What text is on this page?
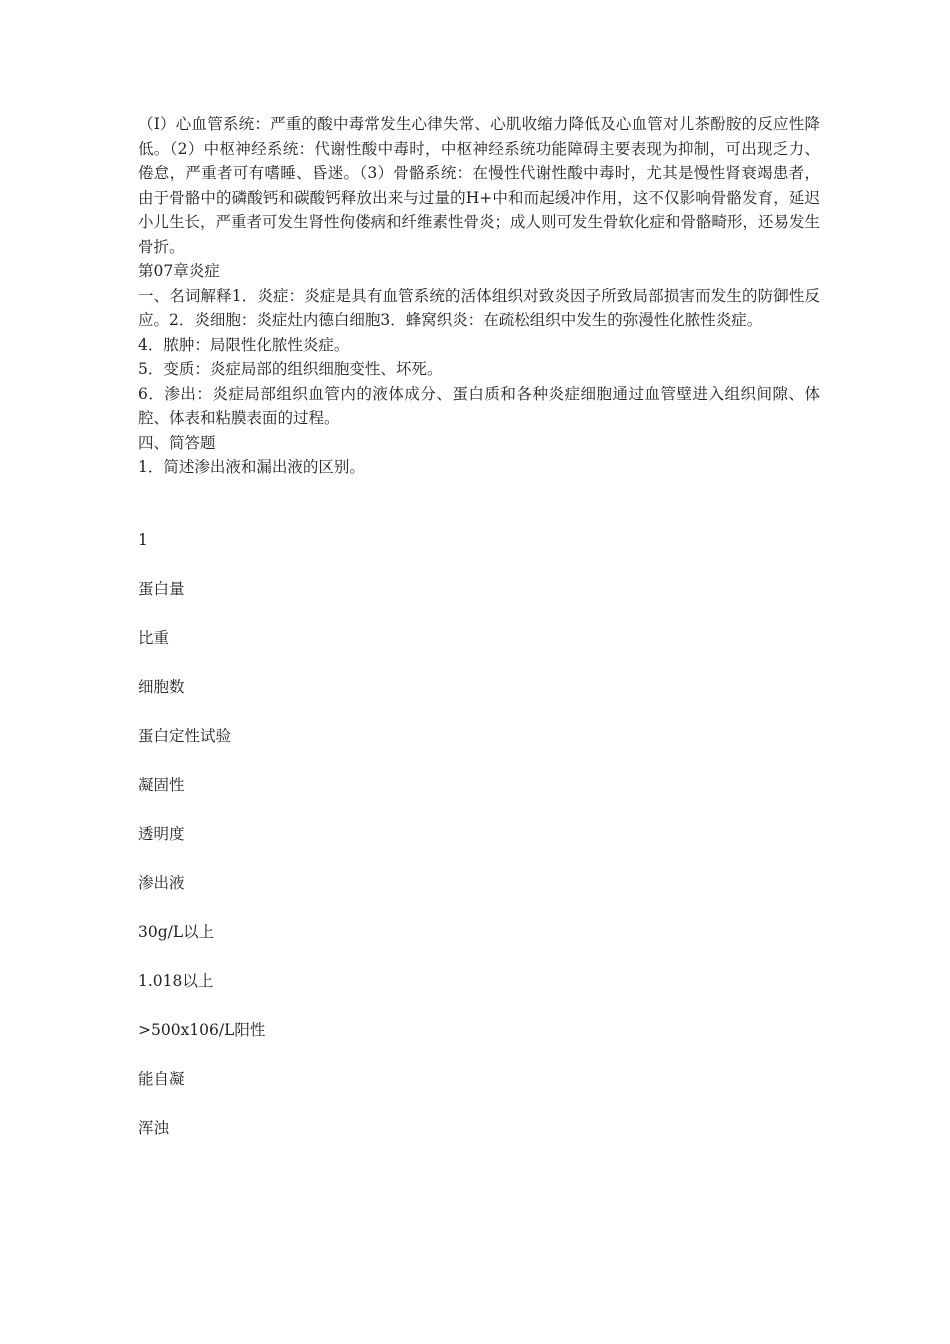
（I）心血管系统：严重的酸中毒常发生心律失常、心肌收缩力降低及心血管对儿茶酚胺的反应性降低。（2）中枢神经系统：代谢性酸中毒时，中枢神经系统功能障碍主要表现为抑制，可出现乏力、倦怠，严重者可有嗜睡、昏迷。（3）骨骼系统：在慢性代谢性酸中毒时，尤其是慢性肾衰竭患者，由于骨骼中的磷酸钙和碳酸钙释放出来与过量的H+中和而起缓冲作用，这不仅影响骨骼发育，延迟小儿生长，严重者可发生肾性佝偻病和纤维素性骨炎；成人则可发生骨软化症和骨骼畸形，还易发生骨折。

第07章炎症

一、名词解释1．炎症：炎症是具有血管系统的活体组织对致炎因子所致局部损害而发生的防御性反应。2．炎细胞：炎症灶内德白细胞3．蜂窝织炎：在疏松组织中发生的弥漫性化脓性炎症。

4．脓肿：局限性化脓性炎症。

5．变质：炎症局部的组织细胞变性、坏死。

6．渗出：炎症局部组织血管内的液体成分、蛋白质和各种炎症细胞通过血管壁进入组织间隙、体腔、体表和粘膜表面的过程。

四、简答题

1．简述渗出液和漏出液的区别。

1

蛋白量

比重

细胞数

蛋白定性试验

凝固性

透明度

渗出液

30g/L以上

1.018以上

>500x106/L阳性

能自凝

浑浊
